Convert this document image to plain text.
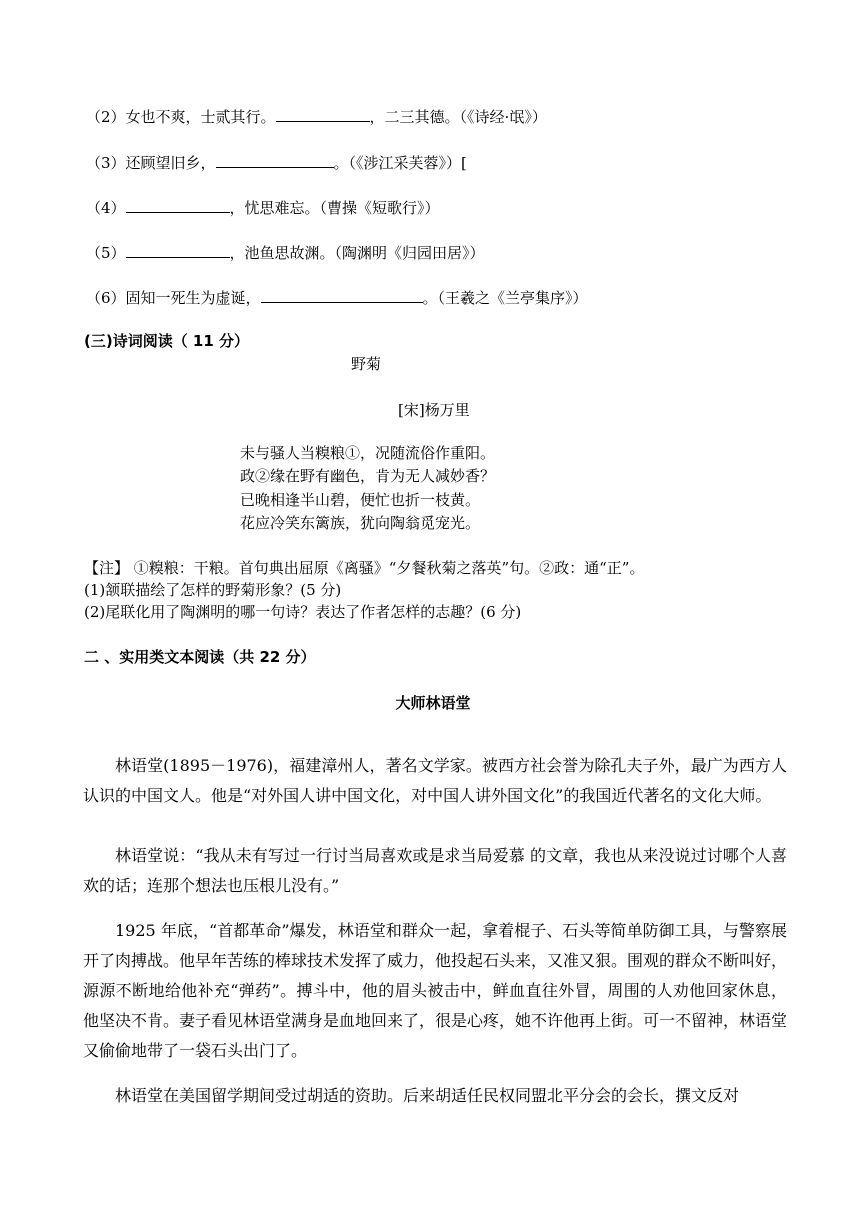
（2）女也不爽，士贰其行。	，二三其德。（《诗经·氓》）
（3）还顾望旧乡，	。（《涉江采芙蓉》）[
（4）	，忧思难忘。（曹操《短歌行》）
（5）	，池鱼思故渊。（陶渊明《归园田居》）
（6）固知一死生为虚诞，	。（王羲之《兰亭集序》）
(三)诗词阅读（ 11 分）
野菊
[宋]杨万里
未与骚人当糗粮①，况随流俗作重阳。
政②缘在野有幽色，肯为无人减妙香？
已晚相逢半山碧，便忙也折一枝黄。
花应冷笑东篱族，犹向陶翁觅宠光。
【注】 ①糗粮：干粮。首句典出屈原《离骚》“夕餐秋菊之落英”句。②政：通“正”。
(1)颔联描绘了怎样的野菊形象？(5 分)
(2)尾联化用了陶渊明的哪一句诗？表达了作者怎样的志趣？(6 分)
二 、实用类文本阅读（共 22 分）
大师林语堂
林语堂(1895－1976)，福建漳州人，著名文学家。被西方社会誉为除孔夫子外，最广为西方人认识的中国文人。他是“对外国人讲中国文化，对中国人讲外国文化”的我国近代著名的文化大师。
林语堂说：“我从未有写过一行讨当局喜欢或是求当局爱慕 的文章，我也从来没说过讨哪个人喜欢的话；连那个想法也压根儿没有。”
1925 年底，“首都革命”爆发，林语堂和群众一起，拿着棍子、石头等简单防御工具，与警察展开了肉搏战。他早年苦练的棒球技术发挥了威力，他投起石头来，又准又狠。围观的群众不断叫好，源源不断地给他补充“弹药”。搏斗中，他的眉头被击中，鲜血直往外冒，周围的人劝他回家休息，他坚决不肯。妻子看见林语堂满身是血地回来了，很是心疼，她不许他再上街。可一不留神，林语堂又偷偷地带了一袋石头出门了。
林语堂在美国留学期间受过胡适的资助。后来胡适任民权同盟北平分会的会长，撰文反对
